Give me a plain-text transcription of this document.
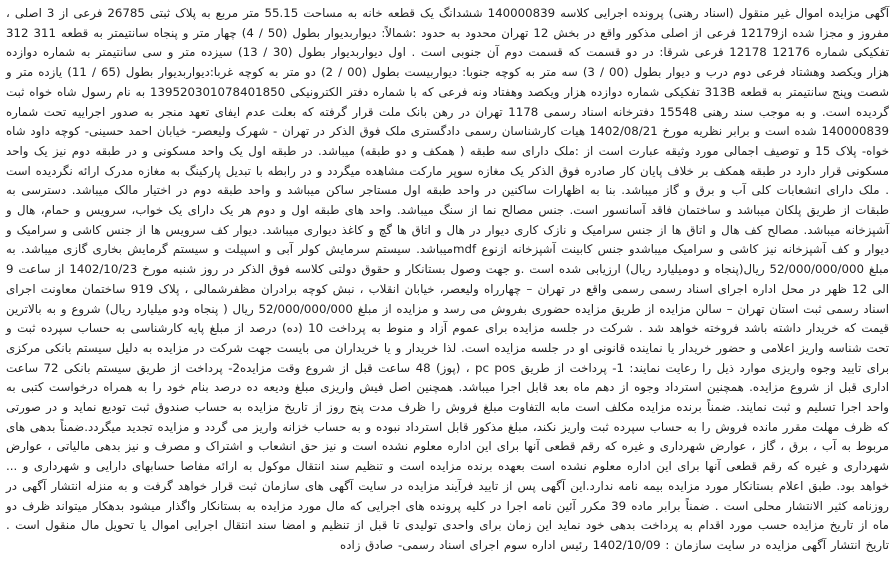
آگهی مزایده اموال غیر منقول (اسناد رهنی) پرونده اجرایی کلاسه 140000839 ششدانگ یک قطعه خانه به مساحت 55.15 متر مربع به پلاک ثبتی 26785 فرعی از 3 اصلی ، مفروز و مجزا شده از12179 فرعی از اصلی مذکور واقع در بخش 12 تهران محدود به حدود :شمالاً: دیواربدیوار بطول (50 / 4) چهار متر و پنجاه سانتیمتر به قطعه 311 312 تفکیکی شماره 12176 12178 فرعی شرقا: در دو قسمت که قسمت دوم آن جنوبی است . اول دیواربدیوار بطول (30 / 13) سیزده متر و سی سانتیمتر به شماره دوازده هزار ویکصد وهشتاد فرعی دوم درب و دیوار بطول (00 / 3) سه متر به کوچه جنوبا: دیواربیست بطول (00 / 2) دو متر به کوچه غربا:دیواربدیوار بطول (65 / 11) یازده متر و شصت وپنج سانتیمتر به قطعه 313B تفکیکی شماره دوازده هزار ویکصد وهفتاد ونه فرعی که با شماره دفتر الکترونیکی 139520301078401850 به نام رسول شاه خواه ثبت گردیده است. و به موجب سند رهنی 15548 دفترخانه اسناد رسمی 1178 تهران در رهن بانک ملت قرار گرفته که بعلت عدم ایفای تعهد منجر به صدور اجراییه تحت شماره 140000839 شده است و برابر نظریه مورخ 1402/08/21 هیات کارشناسان رسمی دادگستری ملک فوق الذکر در تهران - شهرک ولیعصر- خیابان احمد حسینی- کوچه داود شاه خواه- پلاک 15 و توصیف اجمالی مورد وثیقه عبارت است از :ملک دارای سه طبقه ( همکف و دو طبقه) میباشد. در طبقه اول یک واحد مسکونی و در طبقه دوم نیز یک واحد مسکونی قرار دارد در طبقه همکف بر خلاف پایان کار صادره فوق الذکر یک مغازه سوپر مارکت مشاهده میگردد و در رابطه با تبدیل پارکینگ به مغازه مدرک ارائه نگردیده است . ملک دارای انشعابات کلی آب و برق و گاز میباشد. بنا به اظهارات ساکنین در واحد طبقه اول مستاجر ساکن میباشد و واحد طبقه دوم در اختیار مالک میباشد. دسترسی به طبقات از طریق پلکان میباشد و ساختمان فاقد آسانسور است. جنس مصالح نما از سنگ میباشد. واحد های طبقه اول و دوم هر یک دارای یک خواب، سرویس و حمام، هال و آشپزخانه میباشد. مصالح کف هال و اتاق ها از جنس سرامیک و نازک کاری دیوار در هال و اتاق ها گچ و کاغذ دیواری میباشد. دیوار کف سرویس ها از جنس کاشی و سرامیک و دیوار و کف آشپزخانه نیز کاشی و سرامیک میباشدو جنس کابینت آشپزخانه ازنوع mdfمیباشد. سیستم سرمایش کولر آبی و اسپیلت و سیستم گرمایش بخاری گازی میباشد. به مبلغ 52/000/000/000 ریال(پنجاه و دومیلیارد ریال) ارزیابی شده است .و جهت وصول بستانکار و حقوق دولتی کلاسه فوق الذکر در روز شنبه مورخ 1402/10/23 از ساعت 9 الی 12 ظهر در محل اداره اجرای اسناد رسمی رسمی واقع در تهران – چهارراه ولیعصر، خیابان انقلاب ، نبش کوچه برادران مظفرشمالی ، پلاک 919 ساختمان معاونت اجرای اسناد رسمی ثبت استان تهران – سالن مزایده از طریق مزایده حضوری بفروش می رسد و مزایده از مبلغ 52/000/000/000 ریال ( پنجاه ودو میلیارد ریال) شروع و به بالاترین قیمت که خریدار داشته باشد فروخته خواهد شد . شرکت در جلسه مزایده برای عموم آزاد و منوط به پرداخت 10 (ده) درصد از مبلغ پایه کارشناسی به حساب سپرده ثبت و تحت شناسه واریز اعلامی و حضور خریدار یا نماینده قانونی او در جلسه مزایده است. لذا خریدار و یا خریداران می بایست جهت شرکت در مزایده به دلیل سیستم بانکی مرکزی برای تایید وجوه واریزی موارد ذیل را رعایت نمایند: 1- پرداخت از طریق pc pos ، (پوز) 48 ساعت قبل از شروع وقت مزایده2- پرداخت از طریق سیستم بانکی 72 ساعت اداری قبل از شروع مزایده. همچنین استرداد وجوه از دهم ماه بعد قابل اجرا میباشد. همچنین اصل فیش واریزی مبلغ ودیعه ده درصد بنام خود را به همراه درخواست کتبی به واحد اجرا تسلیم و ثبت نمایند. ضمناً برنده مزایده مکلف است مابه التفاوت مبلغ فروش را ظرف مدت پنج روز از تاریخ مزایده به حساب صندوق ثبت تودیع نماید و در صورتی که ظرف مهلت مقرر مانده فروش را به حساب سپرده ثبت واریز نکند، مبلغ مذکور قابل استرداد نبوده و به حساب خزانه واریز می گردد و مزایده تجدید میگردد.ضمناً بدهی های مربوط به آب ، برق ، گاز ، عوارض شهرداری و غیره که رقم قطعی آنها برای این اداره معلوم نشده است و نیز حق انشعاب و اشتراک و مصرف و نیز بدهی مالیاتی ، عوارض شهرداری و غیره که رقم قطعی آنها برای این اداره معلوم نشده است بعهده برنده مزایده است و تنظیم سند انتقال موکول به ارائه مفاصا حسابهای دارایی و شهرداری و ... خواهد بود. طبق اعلام بستانکار مورد مزایده بیمه نامه ندارد.این آگهی پس از تایید فرآیند مزایده در سایت آگهی های سازمان ثبت قرار خواهد گرفت و به منزله انتشار آگهی در روزنامه کثیر الانتشار محلی است . ضمناً برابر ماده 39 مکرر آئین نامه اجرا در کلیه پرونده های اجرایی که مال مورد مزایده به بستانکار واگذار میشود بدهکار میتواند ظرف دو ماه از تاریخ مزایده حسب مورد اقدام به پرداخت بدهی خود نماید این زمان برای واحدی تولیدی تا قبل از تنظیم و امضا سند انتقال اجرایی اموال یا تحویل مال منقول است . تاریخ انتشار آگهی مزایده در سایت سازمان : 1402/10/09 رئیس اداره سوم اجرای اسناد رسمی- صادق زاده
